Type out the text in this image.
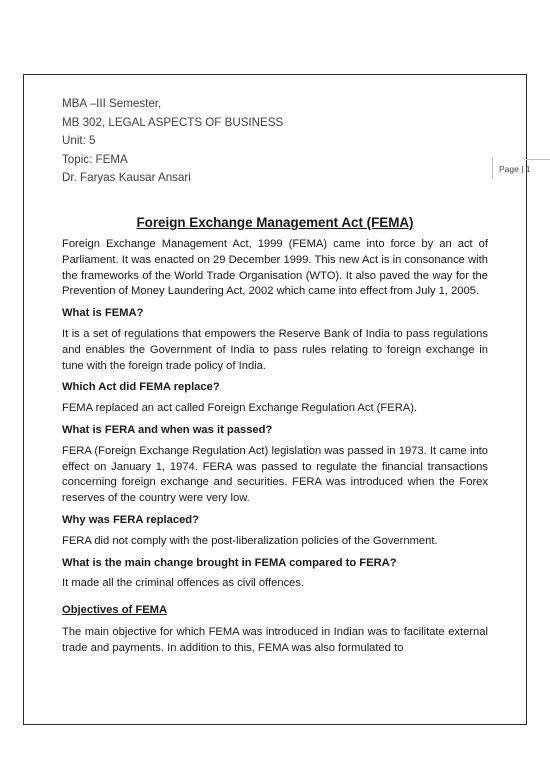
MBA –III Semester,
MB 302, LEGAL ASPECTS OF BUSINESS
Unit: 5
Topic: FEMA
Dr. Faryas Kausar Ansari
Page | 1
Foreign Exchange Management Act (FEMA)

Foreign Exchange Management Act, 1999 (FEMA) came into force by an act of Parliament. It was enacted on 29 December 1999. This new Act is in consonance with the frameworks of the World Trade Organisation (WTO). It also paved the way for the Prevention of Money Laundering Act, 2002 which came into effect from July 1, 2005.

What is FEMA?

It is a set of regulations that empowers the Reserve Bank of India to pass regulations and enables the Government of India to pass rules relating to foreign exchange in tune with the foreign trade policy of India.

Which Act did FEMA replace?

FEMA replaced an act called Foreign Exchange Regulation Act (FERA).

What is FERA and when was it passed?

FERA (Foreign Exchange Regulation Act) legislation was passed in 1973. It came into effect on January 1, 1974. FERA was passed to regulate the financial transactions concerning foreign exchange and securities. FERA was introduced when the Forex reserves of the country were very low.

Why was FERA replaced?

FERA did not comply with the post-liberalization policies of the Government.

What is the main change brought in FEMA compared to FERA?

It made all the criminal offences as civil offences.

Objectives of FEMA

The main objective for which FEMA was introduced in Indian was to facilitate external trade and payments. In addition to this, FEMA was also formulated to
